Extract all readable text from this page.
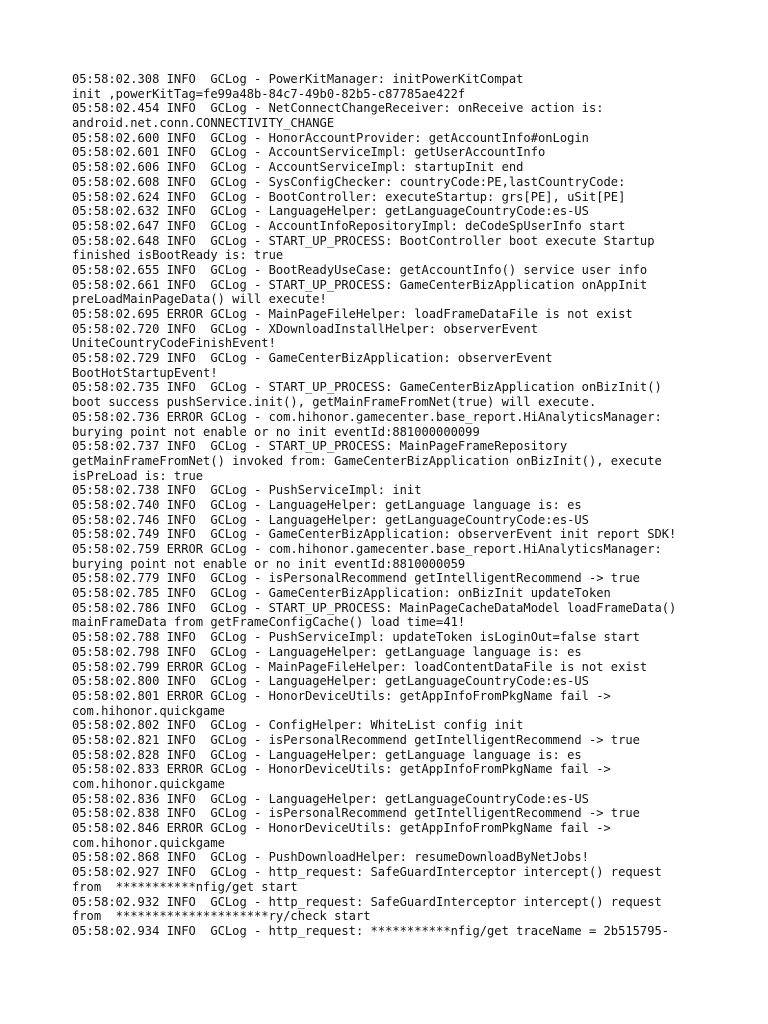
05:58:02.308 INFO  GCLog - PowerKitManager: initPowerKitCompat
init ,powerKitTag=fe99a48b-84c7-49b0-82b5-c87785ae422f
05:58:02.454 INFO  GCLog - NetConnectChangeReceiver: onReceive action is:
android.net.conn.CONNECTIVITY_CHANGE
05:58:02.600 INFO  GCLog - HonorAccountProvider: getAccountInfo#onLogin
05:58:02.601 INFO  GCLog - AccountServiceImpl: getUserAccountInfo
05:58:02.606 INFO  GCLog - AccountServiceImpl: startupInit end
05:58:02.608 INFO  GCLog - SysConfigChecker: countryCode:PE,lastCountryCode:
05:58:02.624 INFO  GCLog - BootController: executeStartup: grs[PE], uSit[PE]
05:58:02.632 INFO  GCLog - LanguageHelper: getLanguageCountryCode:es-US
05:58:02.647 INFO  GCLog - AccountInfoRepositoryImpl: deCodeSpUserInfo start
05:58:02.648 INFO  GCLog - START_UP_PROCESS: BootController boot execute Startup
finished isBootReady is: true
05:58:02.655 INFO  GCLog - BootReadyUseCase: getAccountInfo() service user info
05:58:02.661 INFO  GCLog - START_UP_PROCESS: GameCenterBizApplication onAppInit
preLoadMainPageData() will execute!
05:58:02.695 ERROR GCLog - MainPageFileHelper: loadFrameDataFile is not exist
05:58:02.720 INFO  GCLog - XDownloadInstallHelper: observerEvent
UniteCountryCodeFinishEvent!
05:58:02.729 INFO  GCLog - GameCenterBizApplication: observerEvent
BootHotStartupEvent!
05:58:02.735 INFO  GCLog - START_UP_PROCESS: GameCenterBizApplication onBizInit()
boot success pushService.init(), getMainFrameFromNet(true) will execute.
05:58:02.736 ERROR GCLog - com.hihonor.gamecenter.base_report.HiAnalyticsManager:
burying point not enable or no init eventId:881000000099
05:58:02.737 INFO  GCLog - START_UP_PROCESS: MainPageFrameRepository
getMainFrameFromNet() invoked from: GameCenterBizApplication onBizInit(), execute
isPreLoad is: true
05:58:02.738 INFO  GCLog - PushServiceImpl: init
05:58:02.740 INFO  GCLog - LanguageHelper: getLanguage language is: es
05:58:02.746 INFO  GCLog - LanguageHelper: getLanguageCountryCode:es-US
05:58:02.749 INFO  GCLog - GameCenterBizApplication: observerEvent init report SDK!
05:58:02.759 ERROR GCLog - com.hihonor.gamecenter.base_report.HiAnalyticsManager:
burying point not enable or no init eventId:8810000059
05:58:02.779 INFO  GCLog - isPersonalRecommend getIntelligentRecommend -> true
05:58:02.785 INFO  GCLog - GameCenterBizApplication: onBizInit updateToken
05:58:02.786 INFO  GCLog - START_UP_PROCESS: MainPageCacheDataModel loadFrameData()
mainFrameData from getFrameConfigCache() load time=41!
05:58:02.788 INFO  GCLog - PushServiceImpl: updateToken isLoginOut=false start
05:58:02.798 INFO  GCLog - LanguageHelper: getLanguage language is: es
05:58:02.799 ERROR GCLog - MainPageFileHelper: loadContentDataFile is not exist
05:58:02.800 INFO  GCLog - LanguageHelper: getLanguageCountryCode:es-US
05:58:02.801 ERROR GCLog - HonorDeviceUtils: getAppInfoFromPkgName fail ->
com.hihonor.quickgame
05:58:02.802 INFO  GCLog - ConfigHelper: WhiteList config init
05:58:02.821 INFO  GCLog - isPersonalRecommend getIntelligentRecommend -> true
05:58:02.828 INFO  GCLog - LanguageHelper: getLanguage language is: es
05:58:02.833 ERROR GCLog - HonorDeviceUtils: getAppInfoFromPkgName fail ->
com.hihonor.quickgame
05:58:02.836 INFO  GCLog - LanguageHelper: getLanguageCountryCode:es-US
05:58:02.838 INFO  GCLog - isPersonalRecommend getIntelligentRecommend -> true
05:58:02.846 ERROR GCLog - HonorDeviceUtils: getAppInfoFromPkgName fail ->
com.hihonor.quickgame
05:58:02.868 INFO  GCLog - PushDownloadHelper: resumeDownloadByNetJobs!
05:58:02.927 INFO  GCLog - http_request: SafeGuardInterceptor intercept() request
from  ***********nfig/get start
05:58:02.932 INFO  GCLog - http_request: SafeGuardInterceptor intercept() request
from  *********************ry/check start
05:58:02.934 INFO  GCLog - http_request: ***********nfig/get traceName = 2b515795-
